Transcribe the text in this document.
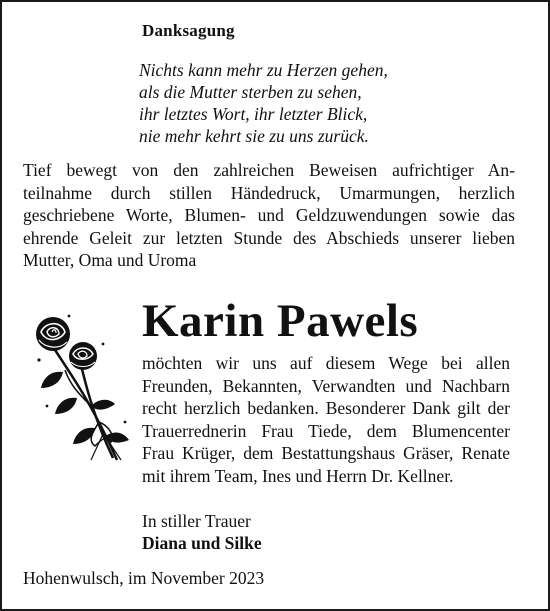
Danksagung
Nichts kann mehr zu Herzen gehen,
als die Mutter sterben zu sehen,
ihr letztes Wort, ihr letzter Blick,
nie mehr kehrt sie zu uns zurück.
Tief bewegt von den zahlreichen Beweisen aufrichtiger An-
teilnahme durch stillen Händedruck, Umarmungen, herzlich
geschriebene Worte, Blumen- und Geldzuwendungen sowie das
ehrende Geleit zur letzten Stunde des Abschieds unserer lieben
Mutter, Oma und Uroma
Karin Pawels
möchten wir uns auf diesem Wege bei allen
Freunden, Bekannten, Verwandten und Nachbarn
recht herzlich bedanken. Besonderer Dank gilt der
Trauerrednerin Frau Tiede, dem Blumencenter
Frau Krüger, dem Bestattungshaus Gräser, Renate
mit ihrem Team, Ines und Herrn Dr. Kellner.
In stiller Trauer
Diana und Silke
Hohenwulsch, im November 2023
